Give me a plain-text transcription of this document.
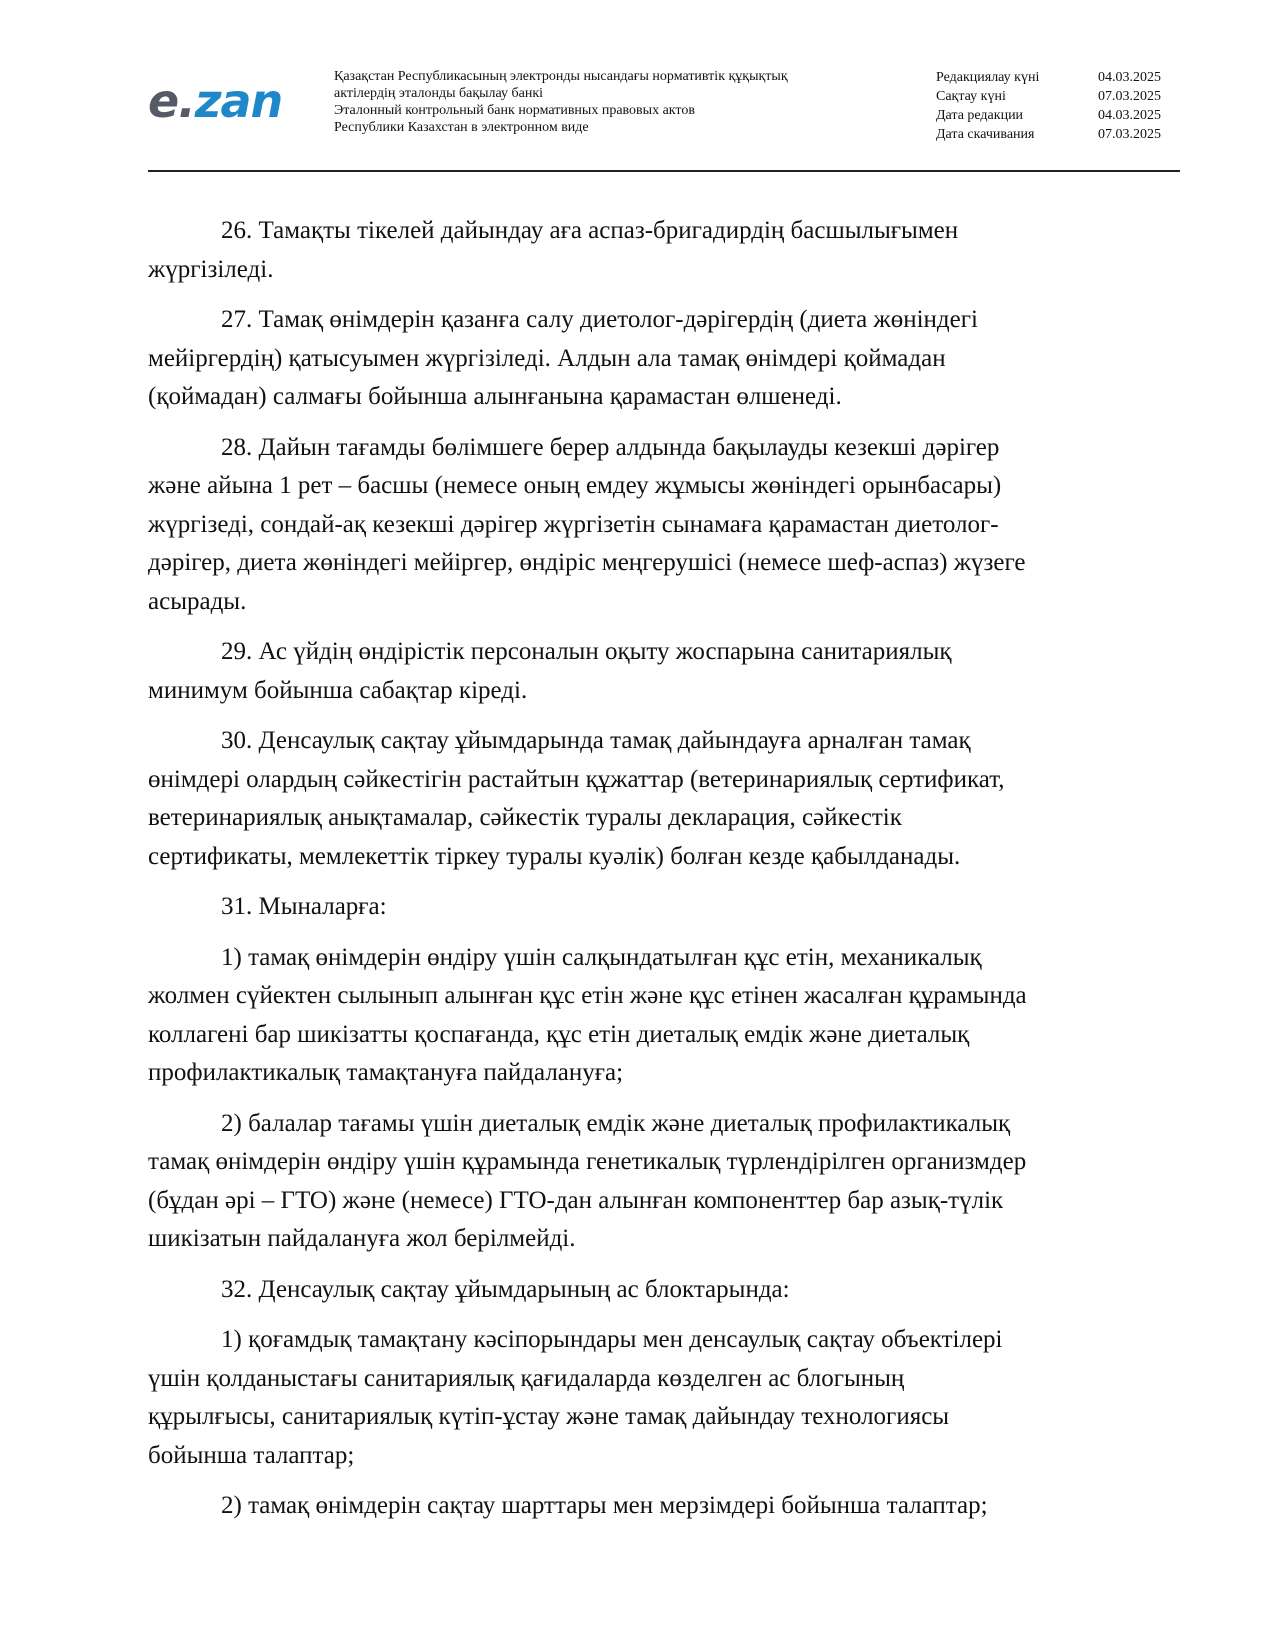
e.zan	Қазақстан Республикасының электронды нысандағы нормативтік құқықтық
актілердің эталонды бақылау банкі
Эталонный контрольный банк нормативных правовых актов
Республики Казахстан в электронном виде
Редакциялау күні	04.03.2025
Сақтау күні	07.03.2025
Дата редакции	04.03.2025
Дата скачивания	07.03.2025
26. Тамақты тікелей дайындау аға аспаз-бригадирдің басшылығымен
жүргізіледі.
27. Тамақ өнімдерін қазанға салу диетолог-дәрігердің (диета жөніндегі
мейіргердің) қатысуымен жүргізіледі. Алдын ала тамақ өнімдері қоймадан
(қоймадан) салмағы бойынша алынғанына қарамастан өлшенеді.
28. Дайын тағамды бөлімшеге берер алдында бақылауды кезекші дәрігер
және айына 1 рет – басшы (немесе оның емдеу жұмысы жөніндегі орынбасары)
жүргізеді, сондай-ақ кезекші дәрігер жүргізетін сынамаға қарамастан диетолог-
дәрігер, диета жөніндегі мейіргер, өндіріс меңгерушісі (немесе шеф-аспаз) жүзеге
асырады.
29. Ас үйдің өндірістік персоналын оқыту жоспарына санитариялық
минимум бойынша сабақтар кіреді.
30. Денсаулық сақтау ұйымдарында тамақ дайындауға арналған тамақ
өнімдері олардың сәйкестігін растайтын құжаттар (ветеринариялық сертификат,
ветеринариялық анықтамалар, сәйкестік туралы декларация, сәйкестік
сертификаты, мемлекеттік тіркеу туралы куәлік) болған кезде қабылданады.
31. Мыналарға:
1) тамақ өнімдерін өндіру үшін салқындатылған құс етін, механикалық
жолмен сүйектен сылынып алынған құс етін және құс етінен жасалған құрамында
коллагені бар шикізатты қоспағанда, құс етін диеталық емдік және диеталық
профилактикалық тамақтануға пайдалануға;
2) балалар тағамы үшін диеталық емдік және диеталық профилактикалық
тамақ өнімдерін өндіру үшін құрамында генетикалық түрлендірілген организмдер
(бұдан әрі – ГТО) және (немесе) ГТО-дан алынған компоненттер бар азық-түлік
шикізатын пайдалануға жол берілмейді.
32. Денсаулық сақтау ұйымдарының ас блоктарында:
1) қоғамдық тамақтану кәсіпорындары мен денсаулық сақтау объектілері
үшін қолданыстағы санитариялық қағидаларда көзделген ас блогының
құрылғысы, санитариялық күтіп-ұстау және тамақ дайындау технологиясы
бойынша талаптар;
2) тамақ өнімдерін сақтау шарттары мен мерзімдері бойынша талаптар;
